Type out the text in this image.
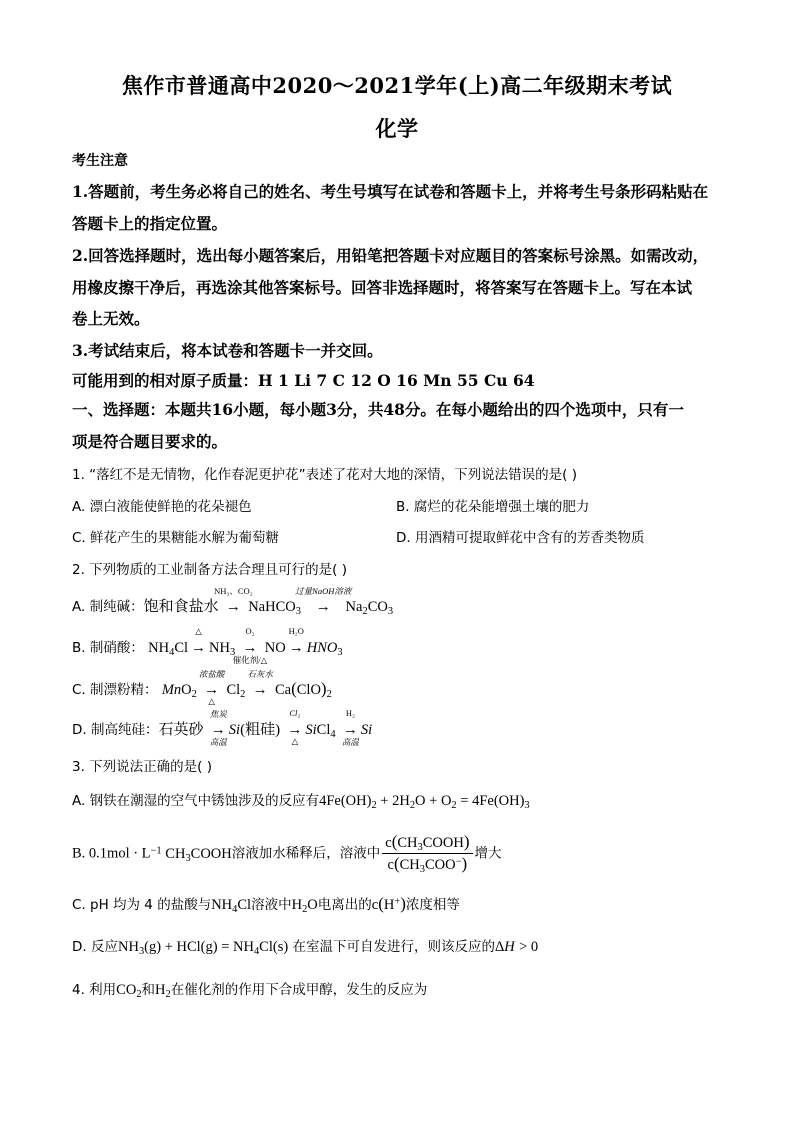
焦作市普通高中2020～2021学年(上)高二年级期末考试
化学
考生注意
1.答题前，考生务必将自己的姓名、考生号填写在试卷和答题卡上，并将考生号条形码粘贴在
答题卡上的指定位置。
2.回答选择题时，选出每小题答案后，用铅笔把答题卡对应题目的答案标号涂黑。如需改动，
用橡皮擦干净后，再选涂其他答案标号。回答非选择题时，将答案写在答题卡上。写在本试
卷上无效。
3.考试结束后，将本试卷和答题卡一并交回。
可能用到的相对原子质量：H 1 Li 7 C 12 O 16 Mn 55 Cu 64
一、选择题：本题共16小题，每小题3分，共48分。在每小题给出的四个选项中，只有一
项是符合题目要求的。
1. “落红不是无情物，化作春泥更护花”表述了花对大地的深情，下列说法错误的是( )
A. 漂白液能使鲜艳的花朵褪色	B. 腐烂的花朵能增强土壤的肥力
C. 鲜花产生的果糖能水解为葡萄糖	D. 用酒精可提取鲜花中含有的芳香类物质
2. 下列物质的工业制备方法合理且可行的是( )
A. 制纯碱：饱和食盐水
NH₃、CO₂
→ NaHCO$_3$
过量NaOH溶液
→   $Na_2CO_3$
B. 制硝酸： $NH_4Cl$
△
→ $NH_3$
O₂
→
催化剂/△
NO
H₂O
→ $HNO_3$
C. 制漂粉精： MnO$_2$
浓盐酸
→
△
$Cl_2$
石灰水
→ $Ca(ClO)_2$
D. 制高纯硅：石英砂
焦炭
→
高温
Si(粗硅)
Cl₂
→
△
SiCl$_4$
H₂
→
高温
Si
3. 下列说法正确的是( )
A. 钢铁在潮湿的空气中锈蚀涉及的反应有$4Fe(OH)_2 + 2H_2O + O_2 = 4Fe(OH)_3$
B. $0.1mol \cdot L^{-1}$ $CH_3COOH$溶液加水稀释后，溶液中 $\frac{c(CH_3COOH)}{c(CH_3COO^-)}$ 增大
C. pH 均为 4 的盐酸与$NH_4Cl$溶液中$H_2O$电离出的c(H+)浓度相等
D. 反应$NH_3(g) + HCl(g) = NH_4Cl(s)$ 在室温下可自发进行，则该反应的ΔH > 0
4. 利用$CO_2$和$H_2$在催化剂的作用下合成甲醇，发生的反应为
